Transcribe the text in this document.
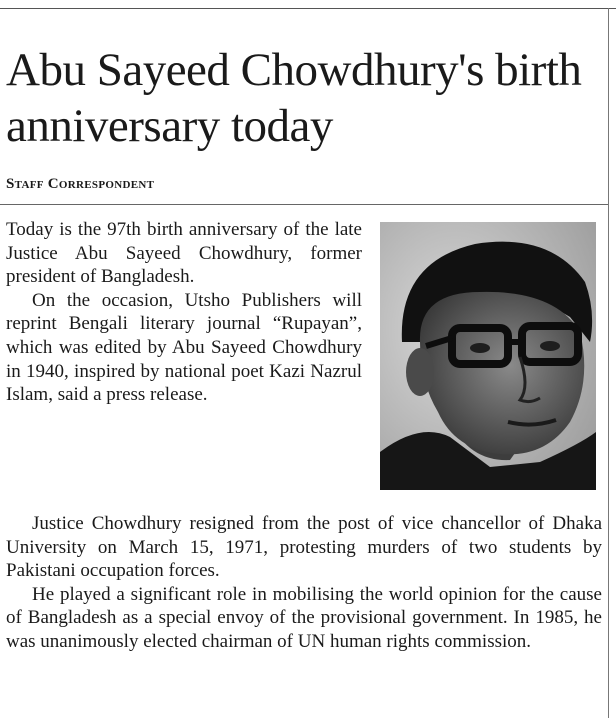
Abu Sayeed Chowdhury's birth anniversary today
Staff Correspondent

Today is the 97th birth anniversary of the late Justice Abu Sayeed Chowdhury, former president of Bangladesh.

On the occasion, Utsho Publishers will reprint Bengali literary journal “Rupayan”, which was edited by Abu Sayeed Chowdhury in 1940, inspired by national poet Kazi Nazrul Islam, said a press release.

Justice Chowdhury resigned from the post of vice chancellor of Dhaka University on March 15, 1971, protesting murders of two students by Pakistani occupation forces.

He played a significant role in mobilising the world opinion for the cause of Bangladesh as a special envoy of the provisional government. In 1985, he was unanimously elected chairman of UN human rights commission.
